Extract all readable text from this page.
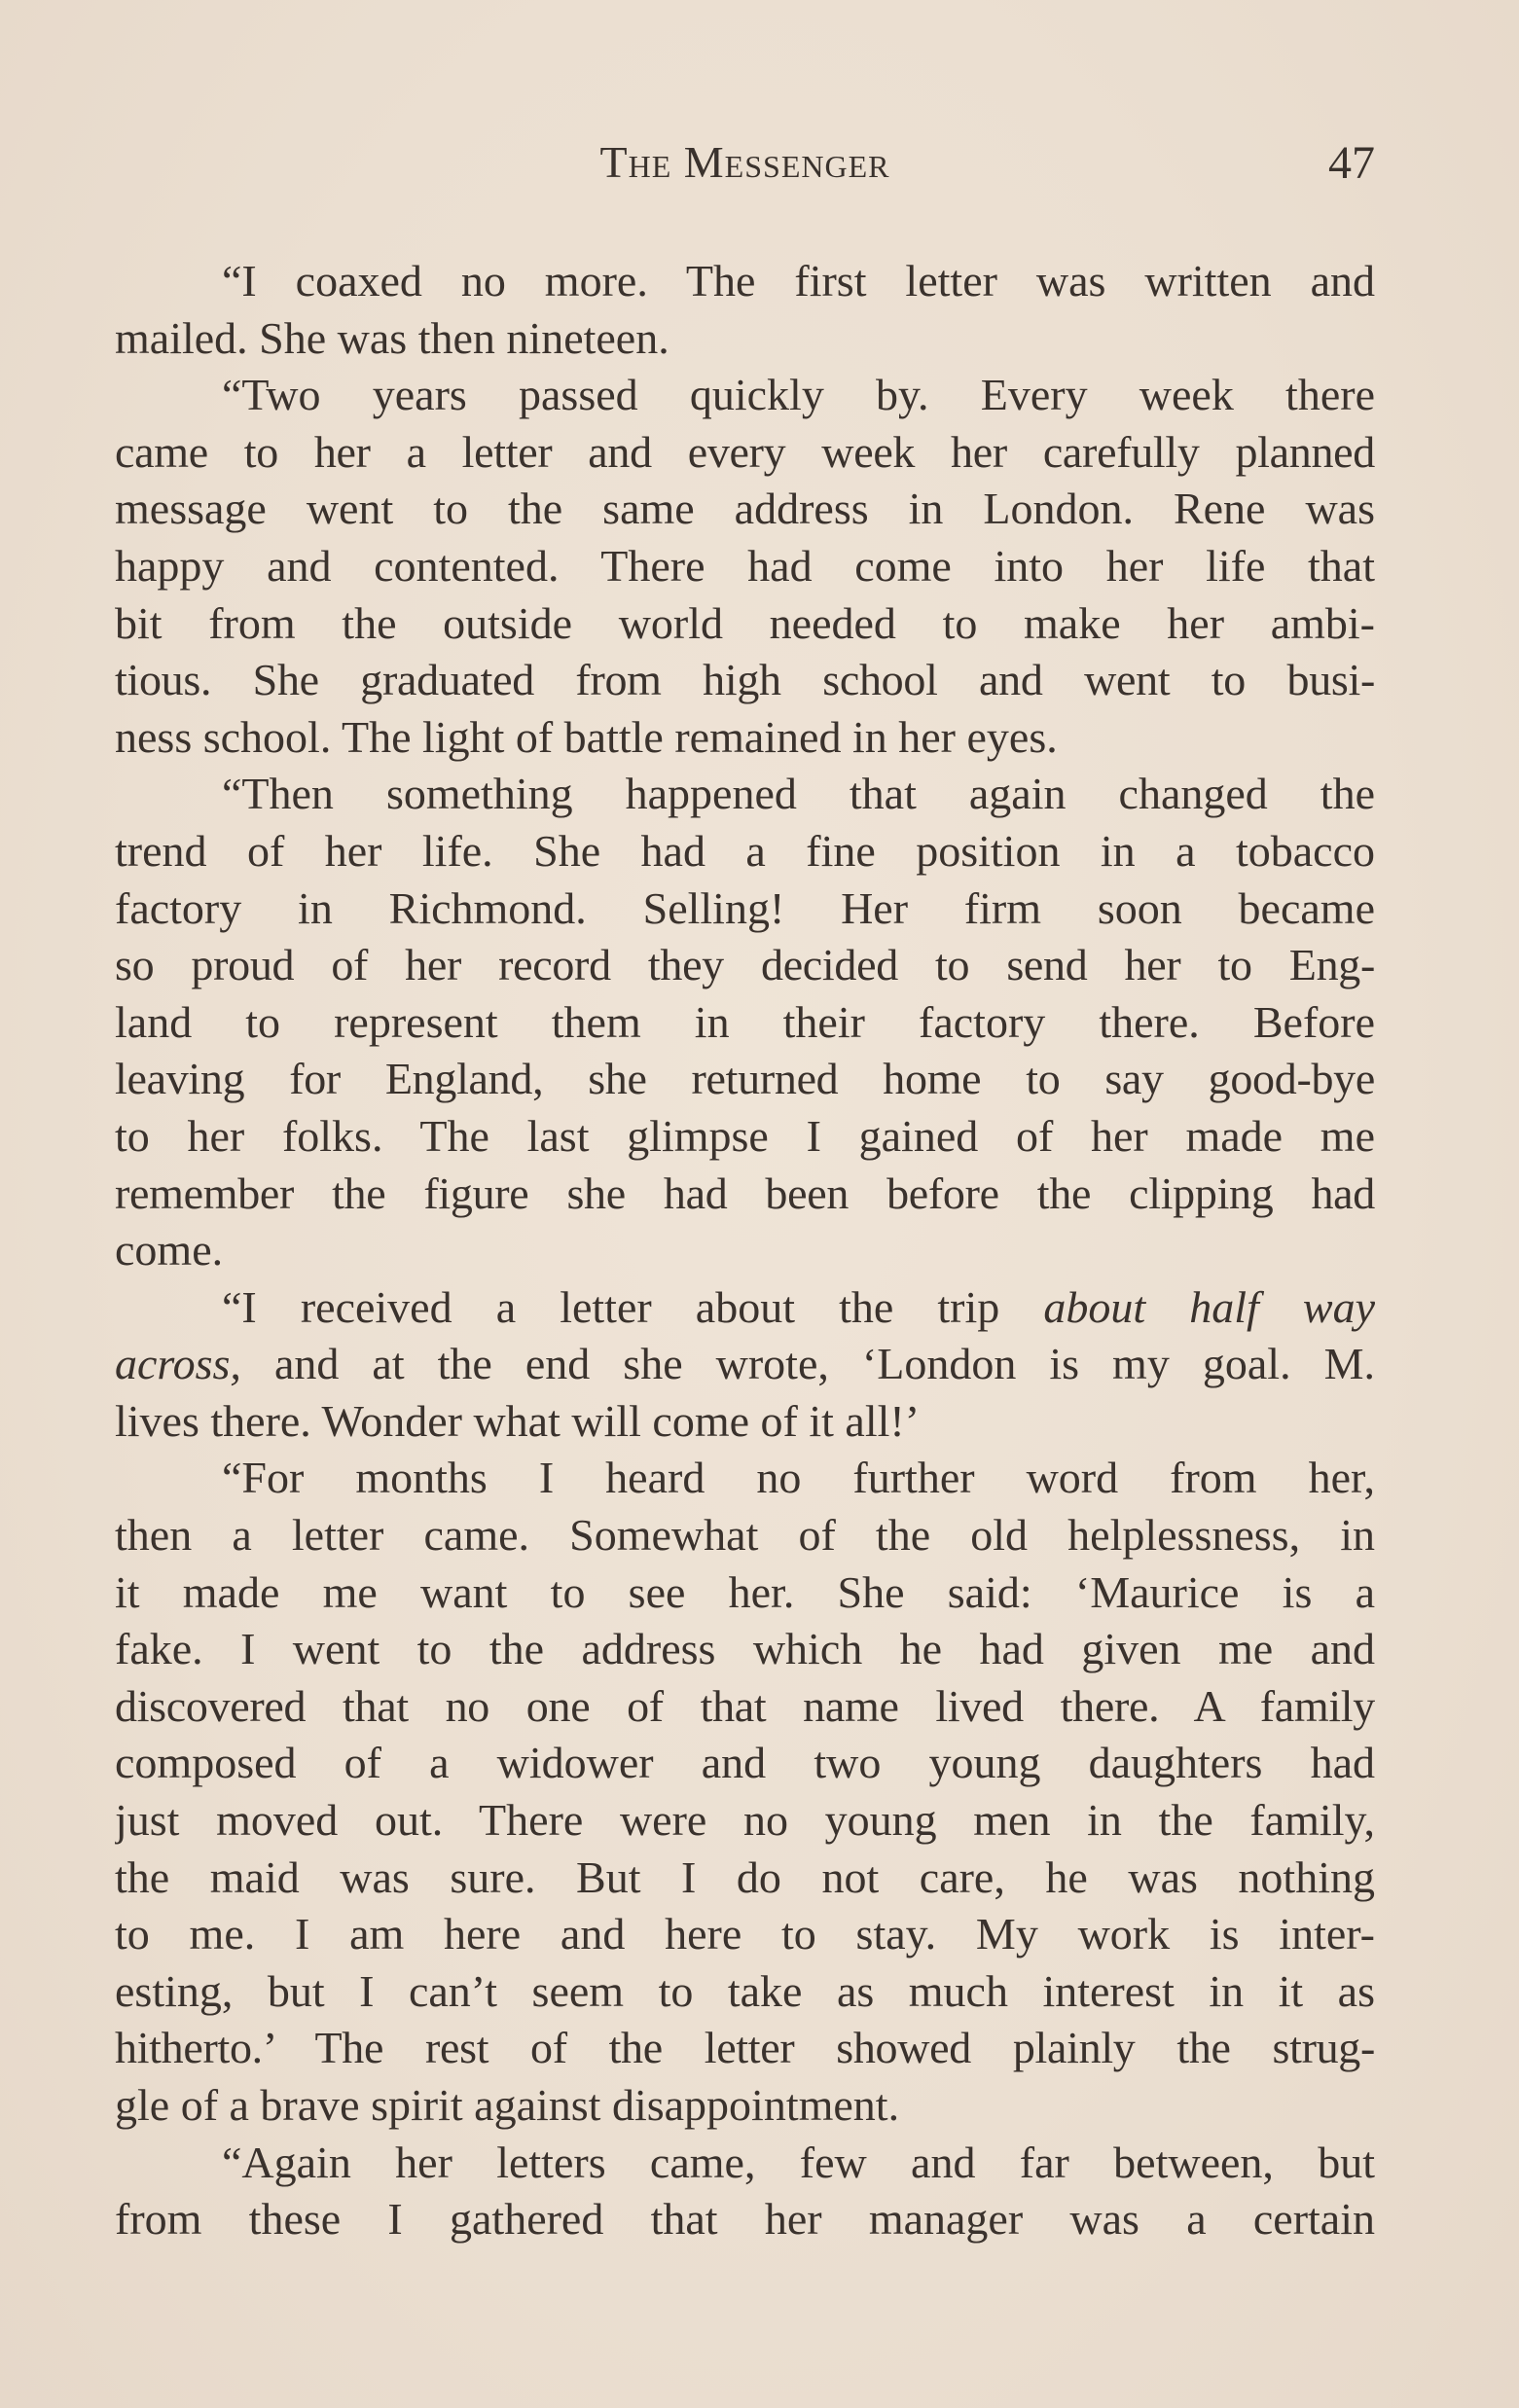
The Messenger	47
“I coaxed no more. The first letter was written and
mailed. She was then nineteen.
“Two years passed quickly by. Every week there
came to her a letter and every week her carefully planned
message went to the same address in London. Rene was
happy and contented. There had come into her life that
bit from the outside world needed to make her ambi-
tious. She graduated from high school and went to busi-
ness school. The light of battle remained in her eyes.
“Then something happened that again changed the
trend of her life. She had a fine position in a tobacco
factory in Richmond. Selling! Her firm soon became
so proud of her record they decided to send her to Eng-
land to represent them in their factory there. Before
leaving for England, she returned home to say good-bye
to her folks. The last glimpse I gained of her made me
remember the figure she had been before the clipping had
come.
“I received a letter about the trip about half way
across, and at the end she wrote, ‘London is my goal. M.
lives there. Wonder what will come of it all!’
“For months I heard no further word from her,
then a letter came. Somewhat of the old helplessness, in
it made me want to see her. She said: ‘Maurice is a
fake. I went to the address which he had given me and
discovered that no one of that name lived there. A family
composed of a widower and two young daughters had
just moved out. There were no young men in the family,
the maid was sure. But I do not care, he was nothing
to me. I am here and here to stay. My work is inter-
esting, but I can’t seem to take as much interest in it as
hitherto.’ The rest of the letter showed plainly the strug-
gle of a brave spirit against disappointment.
“Again her letters came, few and far between, but
from these I gathered that her manager was a certain
